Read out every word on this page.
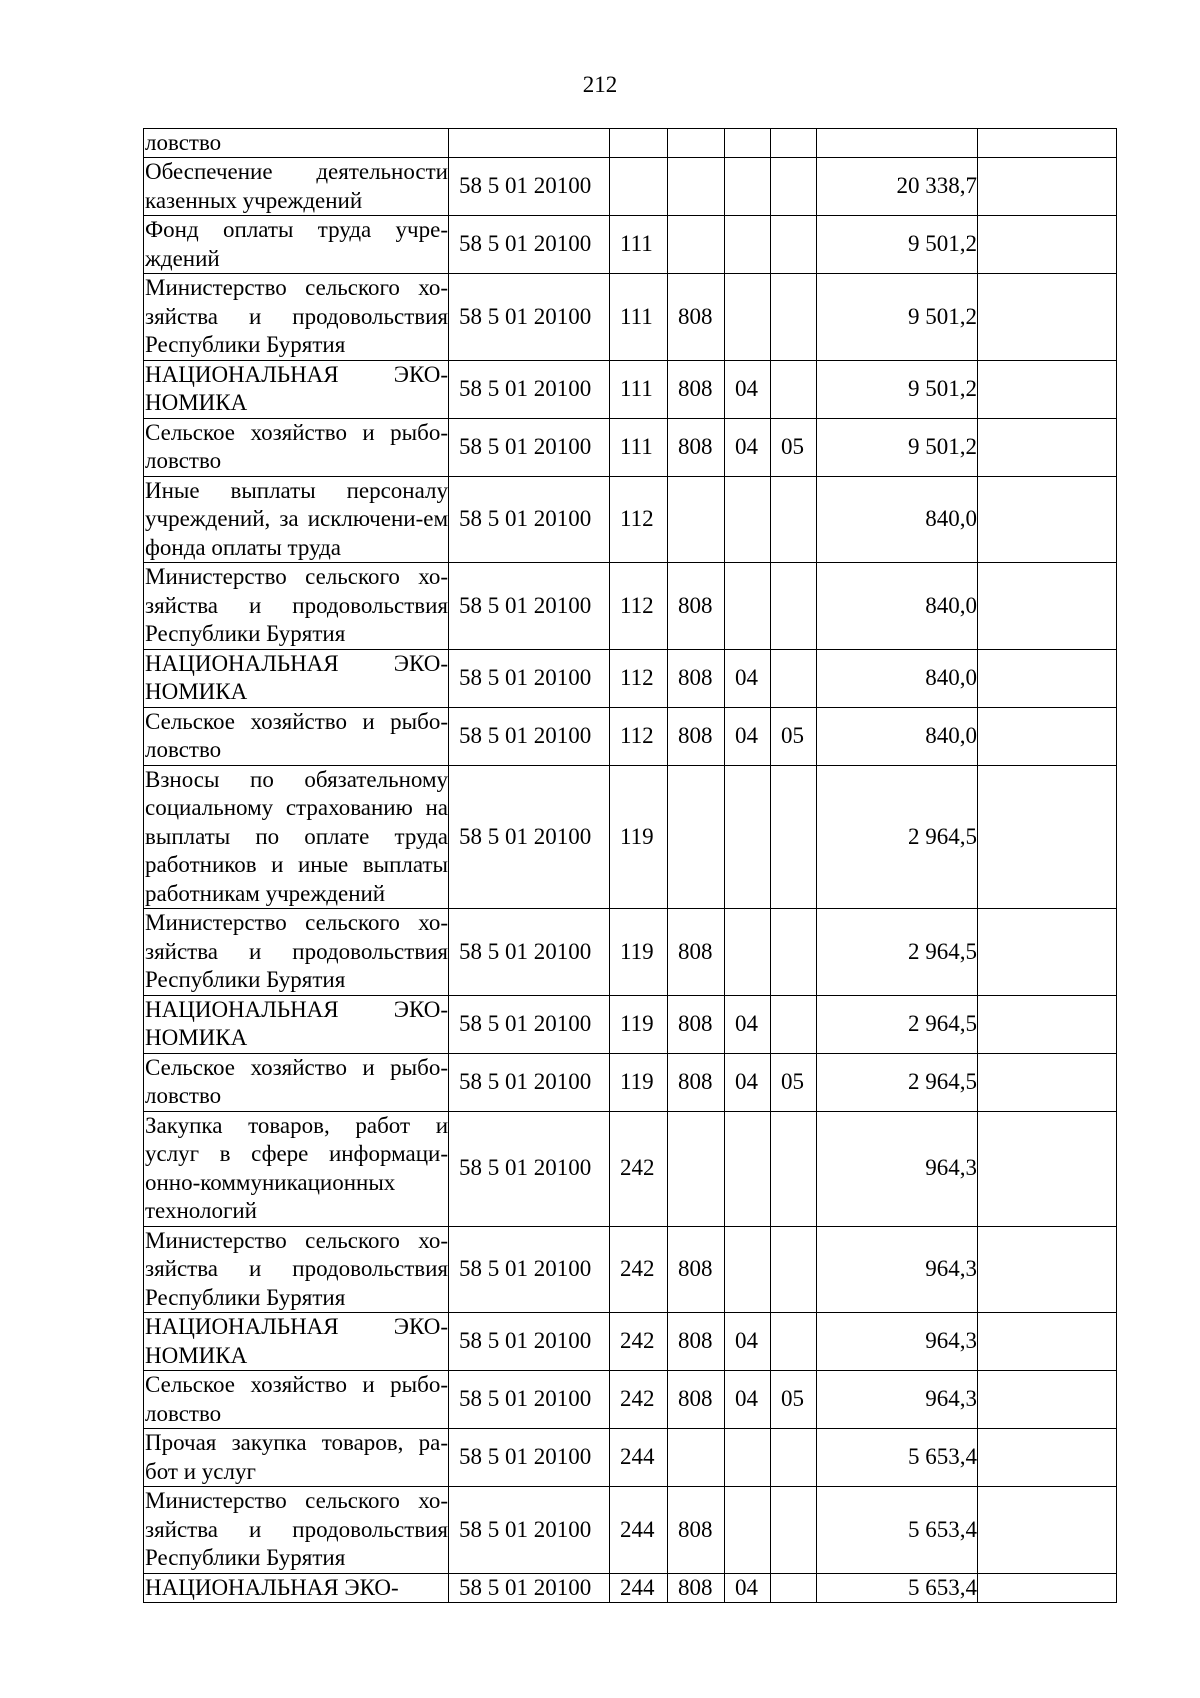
212
ловство							
Обеспечение деятельности казенных учреждений	58 5 01 20100					20 338,7	
Фонд оплаты труда учре-ждений	58 5 01 20100	111				9 501,2	
Министерство сельского хо-зяйства и продовольствия Республики Бурятия	58 5 01 20100	111	808			9 501,2	
НАЦИОНАЛЬНАЯ ЭКО-НОМИКА	58 5 01 20100	111	808	04		9 501,2	
Сельское хозяйство и рыбо-ловство	58 5 01 20100	111	808	04	05	9 501,2	
Иные выплаты персоналу учреждений, за исключени-ем фонда оплаты труда	58 5 01 20100	112				840,0	
Министерство сельского хо-зяйства и продовольствия Республики Бурятия	58 5 01 20100	112	808			840,0	
НАЦИОНАЛЬНАЯ ЭКО-НОМИКА	58 5 01 20100	112	808	04		840,0	
Сельское хозяйство и рыбо-ловство	58 5 01 20100	112	808	04	05	840,0	
Взносы по обязательному социальному страхованию на выплаты по оплате труда работников и иные выплаты работникам учреждений	58 5 01 20100	119				2 964,5	
Министерство сельского хо-зяйства и продовольствия Республики Бурятия	58 5 01 20100	119	808			2 964,5	
НАЦИОНАЛЬНАЯ ЭКО-НОМИКА	58 5 01 20100	119	808	04		2 964,5	
Сельское хозяйство и рыбо-ловство	58 5 01 20100	119	808	04	05	2 964,5	
Закупка товаров, работ и услуг в сфере информаци-онно-коммуникационных технологий	58 5 01 20100	242				964,3	
Министерство сельского хо-зяйства и продовольствия Республики Бурятия	58 5 01 20100	242	808			964,3	
НАЦИОНАЛЬНАЯ ЭКО-НОМИКА	58 5 01 20100	242	808	04		964,3	
Сельское хозяйство и рыбо-ловство	58 5 01 20100	242	808	04	05	964,3	
Прочая закупка товаров, ра-бот и услуг	58 5 01 20100	244				5 653,4	
Министерство сельского хо-зяйства и продовольствия Республики Бурятия	58 5 01 20100	244	808			5 653,4	
НАЦИОНАЛЬНАЯ ЭКО-	58 5 01 20100	244	808	04		5 653,4	
